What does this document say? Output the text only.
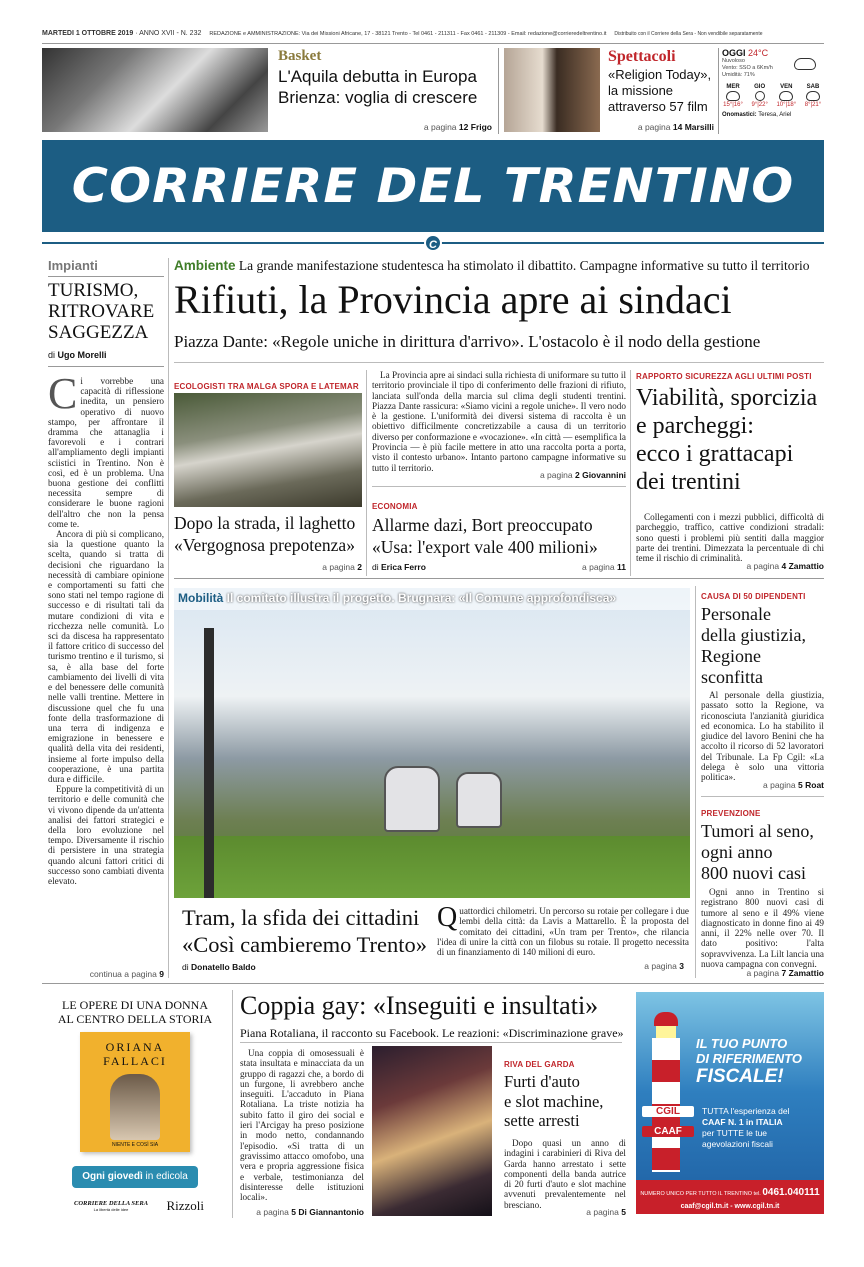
MARTEDÌ 1 OTTOBRE 2019 · ANNO XVII - N. 232 REDAZIONE e AMMINISTRAZIONE: Via dei Missioni Africane, 17 - 38121 Trento - Tel 0461 - 211311 - Fax 0461 - 211309 - Email: redazione@corrieredeltrentino.it Distribuito con il Corriere della Sera - Non vendibile separatamente
Basket
L'Aquila debutta in Europa
Brienza: voglia di crescere
a pagina 12 Frigo
Spettacoli
«Religion Today»,
la missione
attraverso 57 film
a pagina 14 Marsilli
OGGI 24°C
Nuvoloso
Vento: SSO a 6Km/h
Umidità: 71%
MER
15°|16°
GIO
9°|22°
VEN
10°|18°
SAB
8°|21°
Onomastici: Teresa, Ariel
CORRIERE DEL TRENTINO
C
Impianti
TURISMO,
RITROVARE
SAGGEZZA
di Ugo Morelli
C i vorrebbe una capacità di riflessione inedita, un pensiero operativo di nuovo stampo, per affrontare il dramma che attanaglia i favorevoli e i contrari all'ampliamento degli impianti sciistici in Trentino. Non è così, ed è un problema. Una buona gestione dei conflitti necessita sempre di considerare le buone ragioni dell'altro che non la pensa come te.

Ancora di più si complicano, sia la questione quanto la scelta, quando si tratta di decisioni che riguardano la necessità di cambiare opinione e comportamenti su fatti che sono stati nel tempo ragione di successo e di risultati tali da mutare condizioni di vita e ricchezza nelle comunità. Lo sci da discesa ha rappresentato il fattore critico di successo del turismo trentino e il turismo, si sa, è alla base del forte cambiamento dei livelli di vita e del benessere delle comunità nelle valli trentine. Mettere in discussione quel che fu una fonte della trasformazione di una terra di indigenza e emigrazione in benessere e qualità della vita dei residenti, insieme al forte impulso della cooperazione, è una partita dura e difficile.

Eppure la competitività di un territorio e delle comunità che vi vivono dipende da un'attenta analisi dei fattori strategici e della loro evoluzione nel tempo. Diversamente il rischio di persistere in una strategia quando alcuni fattori critici di successo sono cambiati diventa elevato.

continua a pagina 9
Ambiente La grande manifestazione studentesca ha stimolato il dibattito. Campagne informative su tutto il territorio
Rifiuti, la Provincia apre ai sindaci
Piazza Dante: «Regole uniche in dirittura d'arrivo». L'ostacolo è il nodo della gestione
ECOLOGISTI TRA MALGA SPORA E LATEMAR
Dopo la strada, il laghetto
«Vergognosa prepotenza»
a pagina 2
La Provincia apre ai sindaci sulla richiesta di uniformare su tutto il territorio provinciale il tipo di conferimento delle frazioni di rifiuto, lanciata sull'onda della marcia sul clima degli studenti trentini. Piazza Dante rassicura: «Siamo vicini a regole uniche». Il vero nodo è la gestione. L'uniformità dei diversi sistema di raccolta è un obiettivo difficilmente concretizzabile a causa di un territorio diverso per conformazione e «vocazione». «In città — esemplifica la Provincia — è più facile mettere in atto una raccolta porta a porta, visto il contesto urbano». Intanto partono campagne informative su tutto il territorio.
a pagina 2 Giovannini
ECONOMIA
Allarme dazi, Bort preoccupato
«Usa: l'export vale 400 milioni»
di Erica Ferro	a pagina 11
RAPPORTO SICUREZZA AGLI ULTIMI POSTI
Viabilità, sporcizia
e parcheggi:
ecco i grattacapi
dei trentini
Collegamenti con i mezzi pubblici, difficoltà di parcheggio, traffico, cattive condizioni stradali: sono questi i problemi più sentiti dalla maggior parte dei trentini. Dimezzata la percentuale di chi teme il rischio di criminalità.
a pagina 4 Zamattio
Mobilità Il comitato illustra il progetto. Brugnara: «Il Comune approfondisca»
Tram, la sfida dei cittadini
«Così cambieremo Trento»
di Donatello Baldo
Q uattordici chilometri. Un percorso su rotaie per collegare i due lembi della città: da Lavis a Mattarello. È la proposta del comitato dei cittadini, «Un tram per Trento», che rilancia l'idea di unire la città con un filobus su rotaie. Il progetto necessita di un finanziamento di 140 milioni di euro.

a pagina 3
CAUSA DI 50 DIPENDENTI
Personale
della giustizia,
Regione
sconfitta
Al personale della giustizia, passato sotto la Regione, va riconosciuta l'anzianità giuridica ed economica. Lo ha stabilito il giudice del lavoro Benini che ha accolto il ricorso di 52 lavoratori del Tribunale. La Fp Cgil: «La delega è solo una vittoria politica».
a pagina 5 Roat
PREVENZIONE
Tumori al seno,
ogni anno
800 nuovi casi
Ogni anno in Trentino si registrano 800 nuovi casi di tumore al seno e il 49% viene diagnosticato in donne fino ai 49 anni, il 22% nelle over 70. Il dato positivo: l'alta sopravvivenza. La Lilt lancia una nuova campagna con convegni.
a pagina 7 Zamattio
LE OPERE DI UNA DONNA
AL CENTRO DELLA STORIA
ORIANA
FALLACI
NIENTE E COSÌ SIA
Ogni giovedì in edicola
CORRIERE DELLA SERA
La libertà delle idee	Rizzoli
Coppia gay: «Inseguiti e insultati»
Piana Rotaliana, il racconto su Facebook. Le reazioni: «Discriminazione grave»
Una coppia di omosessuali è stata insultata e minacciata da un gruppo di ragazzi che, a bordo di un furgone, li avrebbero anche inseguiti. L'accaduto in Piana Rotaliana. La triste notizia ha subito fatto il giro dei social e ieri l'Arcigay ha preso posizione in modo netto, condannando l'episodio. «Si tratta di un gravissimo attacco omofobo, una vera e propria aggressione fisica e verbale, testimonianza del disinteresse delle istituzioni locali».
a pagina 5 Di Giannantonio
RIVA DEL GARDA
Furti d'auto
e slot machine,
sette arresti
Dopo quasi un anno di indagini i carabinieri di Riva del Garda hanno arrestato i sette componenti della banda autrice di 20 furti d'auto e slot machine avvenuti prevalentemente nel bresciano.
a pagina 5
CGIL
CAAF
IL TUO PUNTO
DI RIFERIMENTO
FISCALE!
TUTTA l'esperienza del
CAAF N. 1 in ITALIA
per TUTTE le tue
agevolazioni fiscali
NUMERO UNICO PER TUTTO IL TRENTINO tel. 0461.040111
caaf@cgil.tn.it - www.cgil.tn.it
